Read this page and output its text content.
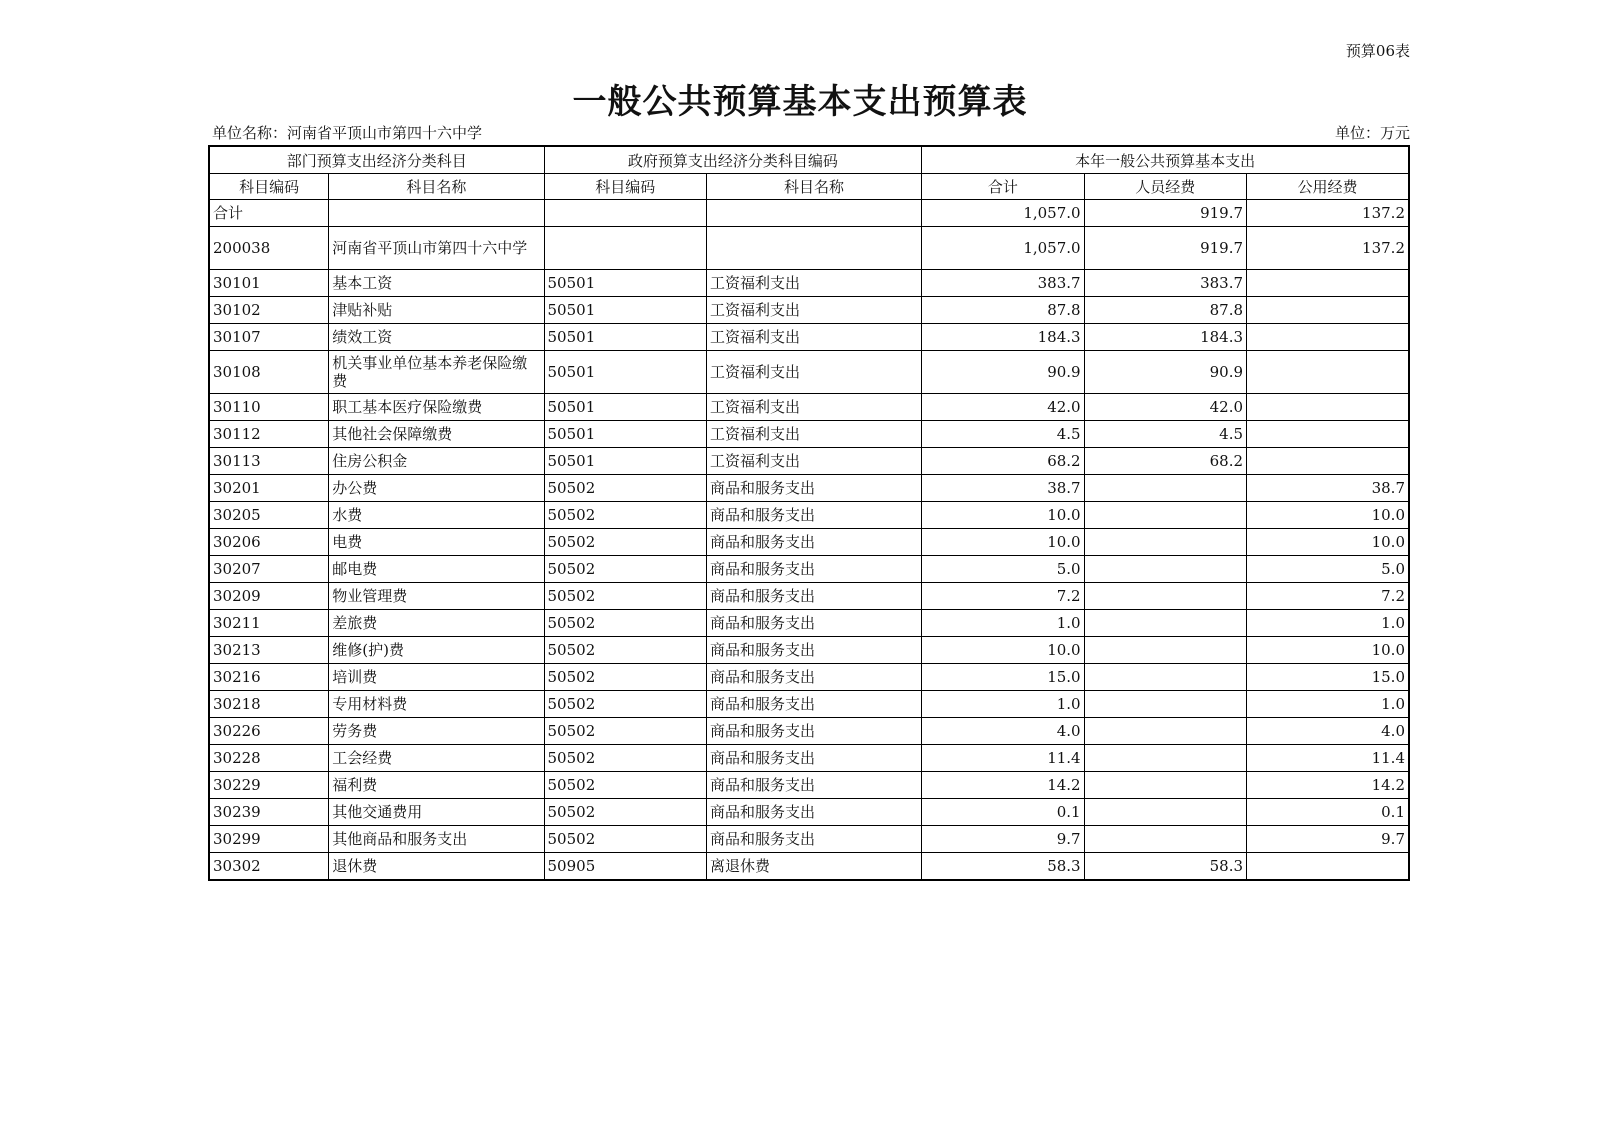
预算06表
一般公共预算基本支出预算表
单位名称：河南省平顶山市第四十六中学	单位：万元
部门预算支出经济分类科目		政府预算支出经济分类科目编码		本年一般公共预算基本支出		
科目编码	科目名称	科目编码	科目名称	合计	人员经费	公用经费
合计				1,057.0	919.7	137.2
200038	河南省平顶山市第四十六中学			1,057.0	919.7	137.2
30101	基本工资	50501	工资福利支出	383.7	383.7	
30102	津贴补贴	50501	工资福利支出	87.8	87.8	
30107	绩效工资	50501	工资福利支出	184.3	184.3	
30108	机关事业单位基本养老保险缴费	50501	工资福利支出	90.9	90.9	
30110	职工基本医疗保险缴费	50501	工资福利支出	42.0	42.0	
30112	其他社会保障缴费	50501	工资福利支出	4.5	4.5	
30113	住房公积金	50501	工资福利支出	68.2	68.2	
30201	办公费	50502	商品和服务支出	38.7		38.7
30205	水费	50502	商品和服务支出	10.0		10.0
30206	电费	50502	商品和服务支出	10.0		10.0
30207	邮电费	50502	商品和服务支出	5.0		5.0
30209	物业管理费	50502	商品和服务支出	7.2		7.2
30211	差旅费	50502	商品和服务支出	1.0		1.0
30213	维修(护)费	50502	商品和服务支出	10.0		10.0
30216	培训费	50502	商品和服务支出	15.0		15.0
30218	专用材料费	50502	商品和服务支出	1.0		1.0
30226	劳务费	50502	商品和服务支出	4.0		4.0
30228	工会经费	50502	商品和服务支出	11.4		11.4
30229	福利费	50502	商品和服务支出	14.2		14.2
30239	其他交通费用	50502	商品和服务支出	0.1		0.1
30299	其他商品和服务支出	50502	商品和服务支出	9.7		9.7
30302	退休费	50905	离退休费	58.3	58.3	
